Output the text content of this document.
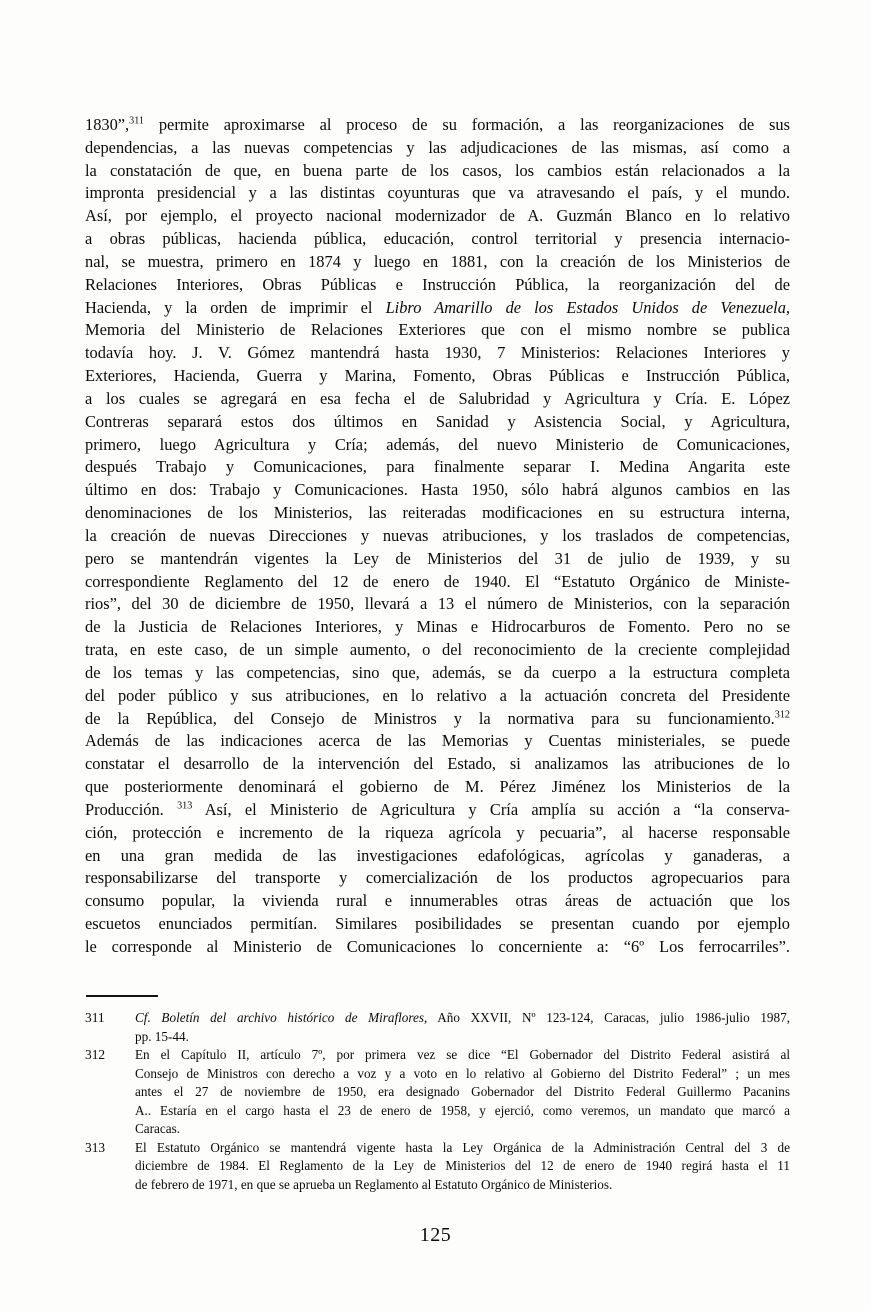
1830”,$^{311}$ permite aproximarse al proceso de su formación, a las reorganizaciones de sus
dependencias, a las nuevas competencias y las adjudicaciones de las mismas, así como a
la constatación de que, en buena parte de los casos, los cambios están relacionados a la
impronta presidencial y a las distintas coyunturas que va atravesando el país, y el mundo.
Así, por ejemplo, el proyecto nacional modernizador de A. Guzmán Blanco en lo relativo
a obras públicas, hacienda pública, educación, control territorial y presencia internacio-
nal, se muestra, primero en 1874 y luego en 1881, con la creación de los Ministerios de
Relaciones Interiores, Obras Públicas e Instrucción Pública, la reorganización del de
Hacienda, y la orden de imprimir el Libro Amarillo de los Estados Unidos de Venezuela,
Memoria del Ministerio de Relaciones Exteriores que con el mismo nombre se publica
todavía hoy. J. V. Gómez mantendrá hasta 1930, 7 Ministerios: Relaciones Interiores y
Exteriores, Hacienda, Guerra y Marina, Fomento, Obras Públicas e Instrucción Pública,
a los cuales se agregará en esa fecha el de Salubridad y Agricultura y Cría. E. López
Contreras separará estos dos últimos en Sanidad y Asistencia Social, y Agricultura,
primero, luego Agricultura y Cría; además, del nuevo Ministerio de Comunicaciones,
después Trabajo y Comunicaciones, para finalmente separar I. Medina Angarita este
último en dos: Trabajo y Comunicaciones. Hasta 1950, sólo habrá algunos cambios en las
denominaciones de los Ministerios, las reiteradas modificaciones en su estructura interna,
la creación de nuevas Direcciones y nuevas atribuciones, y los traslados de competencias,
pero se mantendrán vigentes la Ley de Ministerios del 31 de julio de 1939, y su
correspondiente Reglamento del 12 de enero de 1940. El “Estatuto Orgánico de Ministe-
rios”, del 30 de diciembre de 1950, llevará a 13 el número de Ministerios, con la separación
de la Justicia de Relaciones Interiores, y Minas e Hidrocarburos de Fomento. Pero no se
trata, en este caso, de un simple aumento, o del reconocimiento de la creciente complejidad
de los temas y las competencias, sino que, además, se da cuerpo a la estructura completa
del poder público y sus atribuciones, en lo relativo a la actuación concreta del Presidente
de la República, del Consejo de Ministros y la normativa para su funcionamiento.$^{312}$
Además de las indicaciones acerca de las Memorias y Cuentas ministeriales, se puede
constatar el desarrollo de la intervención del Estado, si analizamos las atribuciones de lo
que posteriormente denominará el gobierno de M. Pérez Jiménez los Ministerios de la
Producción. $^{313}$ Así, el Ministerio de Agricultura y Cría amplía su acción a “la conserva-
ción, protección e incremento de la riqueza agrícola y pecuaria”, al hacerse responsable
en una gran medida de las investigaciones edafológicas, agrícolas y ganaderas, a
responsabilizarse del transporte y comercialización de los productos agropecuarios para
consumo popular, la vivienda rural e innumerables otras áreas de actuación que los
escuetos enunciados permitían. Similares posibilidades se presentan cuando por ejemplo
le corresponde al Ministerio de Comunicaciones lo concerniente a: “6º Los ferrocarriles”.
311	Cf. Boletín del archivo histórico de Miraflores, Año XXVII, Nº 123-124, Caracas, julio 1986-julio 1987,
pp. 15-44.
312	En el Capítulo II, artículo 7º, por primera vez se dice “El Gobernador del Distrito Federal asistirá al
Consejo de Ministros con derecho a voz y a voto en lo relativo al Gobierno del Distrito Federal” ; un mes
antes el 27 de noviembre de 1950, era designado Gobernador del Distrito Federal Guillermo Pacanins
A.. Estaría en el cargo hasta el 23 de enero de 1958, y ejerció, como veremos, un mandato que marcó a
Caracas.
313	El Estatuto Orgánico se mantendrá vigente hasta la Ley Orgánica de la Administración Central del 3 de
diciembre de 1984. El Reglamento de la Ley de Ministerios del 12 de enero de 1940 regirá hasta el 11
de febrero de 1971, en que se aprueba un Reglamento al Estatuto Orgánico de Ministerios.
125
